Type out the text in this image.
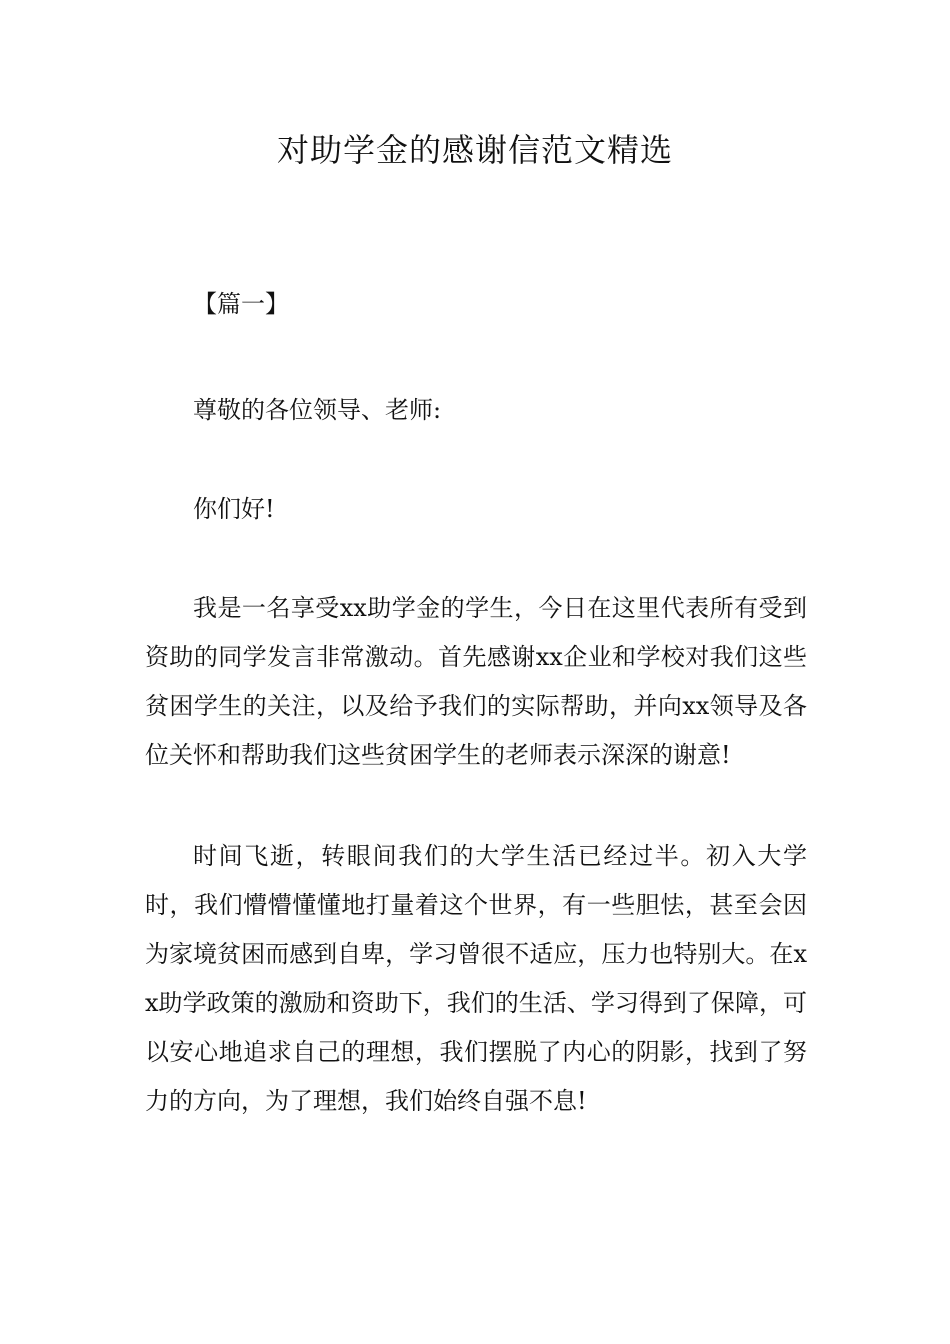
对助学金的感谢信范文精选

【篇一】

尊敬的各位领导、老师:

你们好!

我是一名享受xx助学金的学生，今日在这里代表所有受到资助的同学发言非常激动。首先感谢xx企业和学校对我们这些贫困学生的关注，以及给予我们的实际帮助，并向xx领导及各位关怀和帮助我们这些贫困学生的老师表示深深的谢意!

时间飞逝，转眼间我们的大学生活已经过半。初入大学时，我们懵懵懂懂地打量着这个世界，有一些胆怯，甚至会因为家境贫困而感到自卑，学习曾很不适应，压力也特别大。在xx助学政策的激励和资助下，我们的生活、学习得到了保障，可以安心地追求自己的理想，我们摆脱了内心的阴影，找到了努力的方向，为了理想，我们始终自强不息!
